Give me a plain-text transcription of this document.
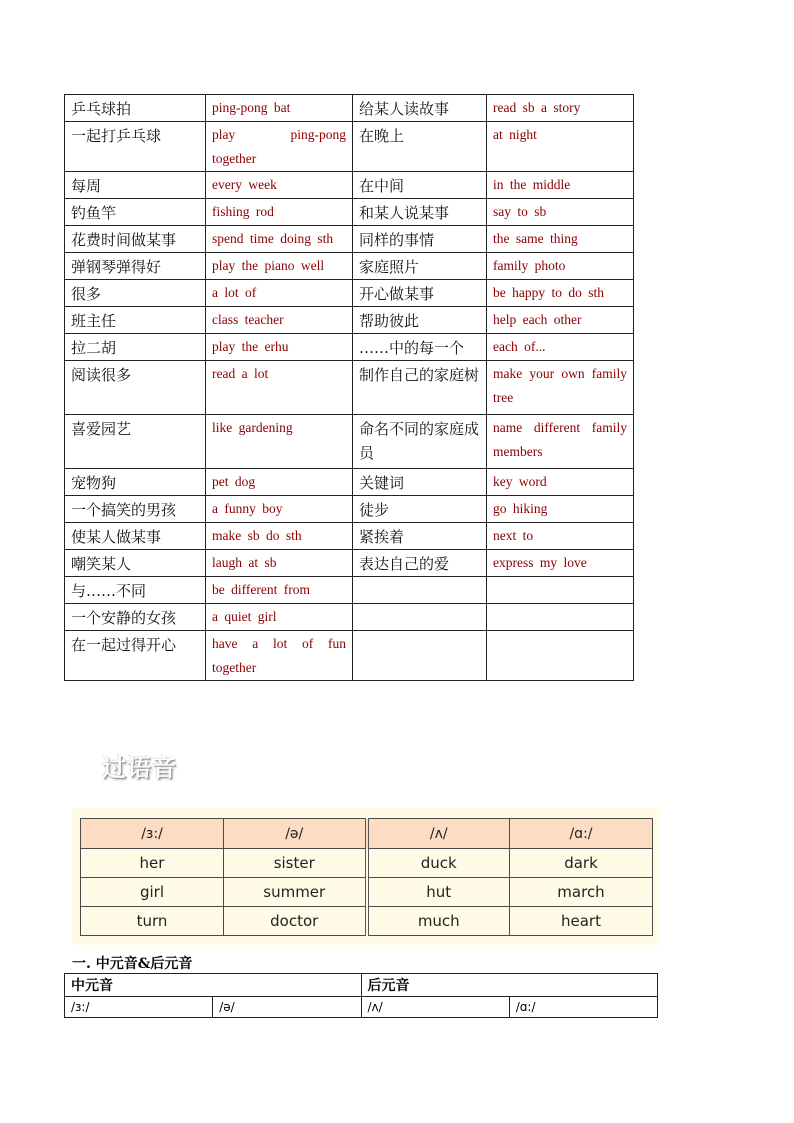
乒乓球拍	ping-pong bat	给某人读故事	read sb a story
一起打乒乓球	play ping-pong together	在晚上	at night
每周	every week	在中间	in the middle
钓鱼竿	fishing rod	和某人说某事	say to sb
花费时间做某事	spend time doing sth	同样的事情	the same thing
弹钢琴弹得好	play the piano well	家庭照片	family photo
很多	a lot of	开心做某事	be happy to do sth
班主任	class teacher	帮助彼此	help each other
拉二胡	play the erhu	……中的每一个	each of...
阅读很多	read a lot	制作自己的家庭树	make your own family tree
喜爱园艺	like gardening	命名不同的家庭成员	name different family members
宠物狗	pet dog	关键词	key word
一个搞笑的男孩	a funny boy	徒步	go hiking
使某人做某事	make sb do sth	紧挨着	next to
嘲笑某人	laugh at sb	表达自己的爱	express my love
与……不同	be different from		
一个安静的女孩	a quiet girl		
在一起过得开心	have a lot of fun together		
过语音
/ɜ:/	/ə/	/ʌ/	/ɑ:/
her	sister	duck	dark
girl	summer	hut	march
turn	doctor	much	heart
一. 中元音&后元音
中元音		后元音	
/ɜ:/	/ə/	/ʌ/	/ɑ:/
